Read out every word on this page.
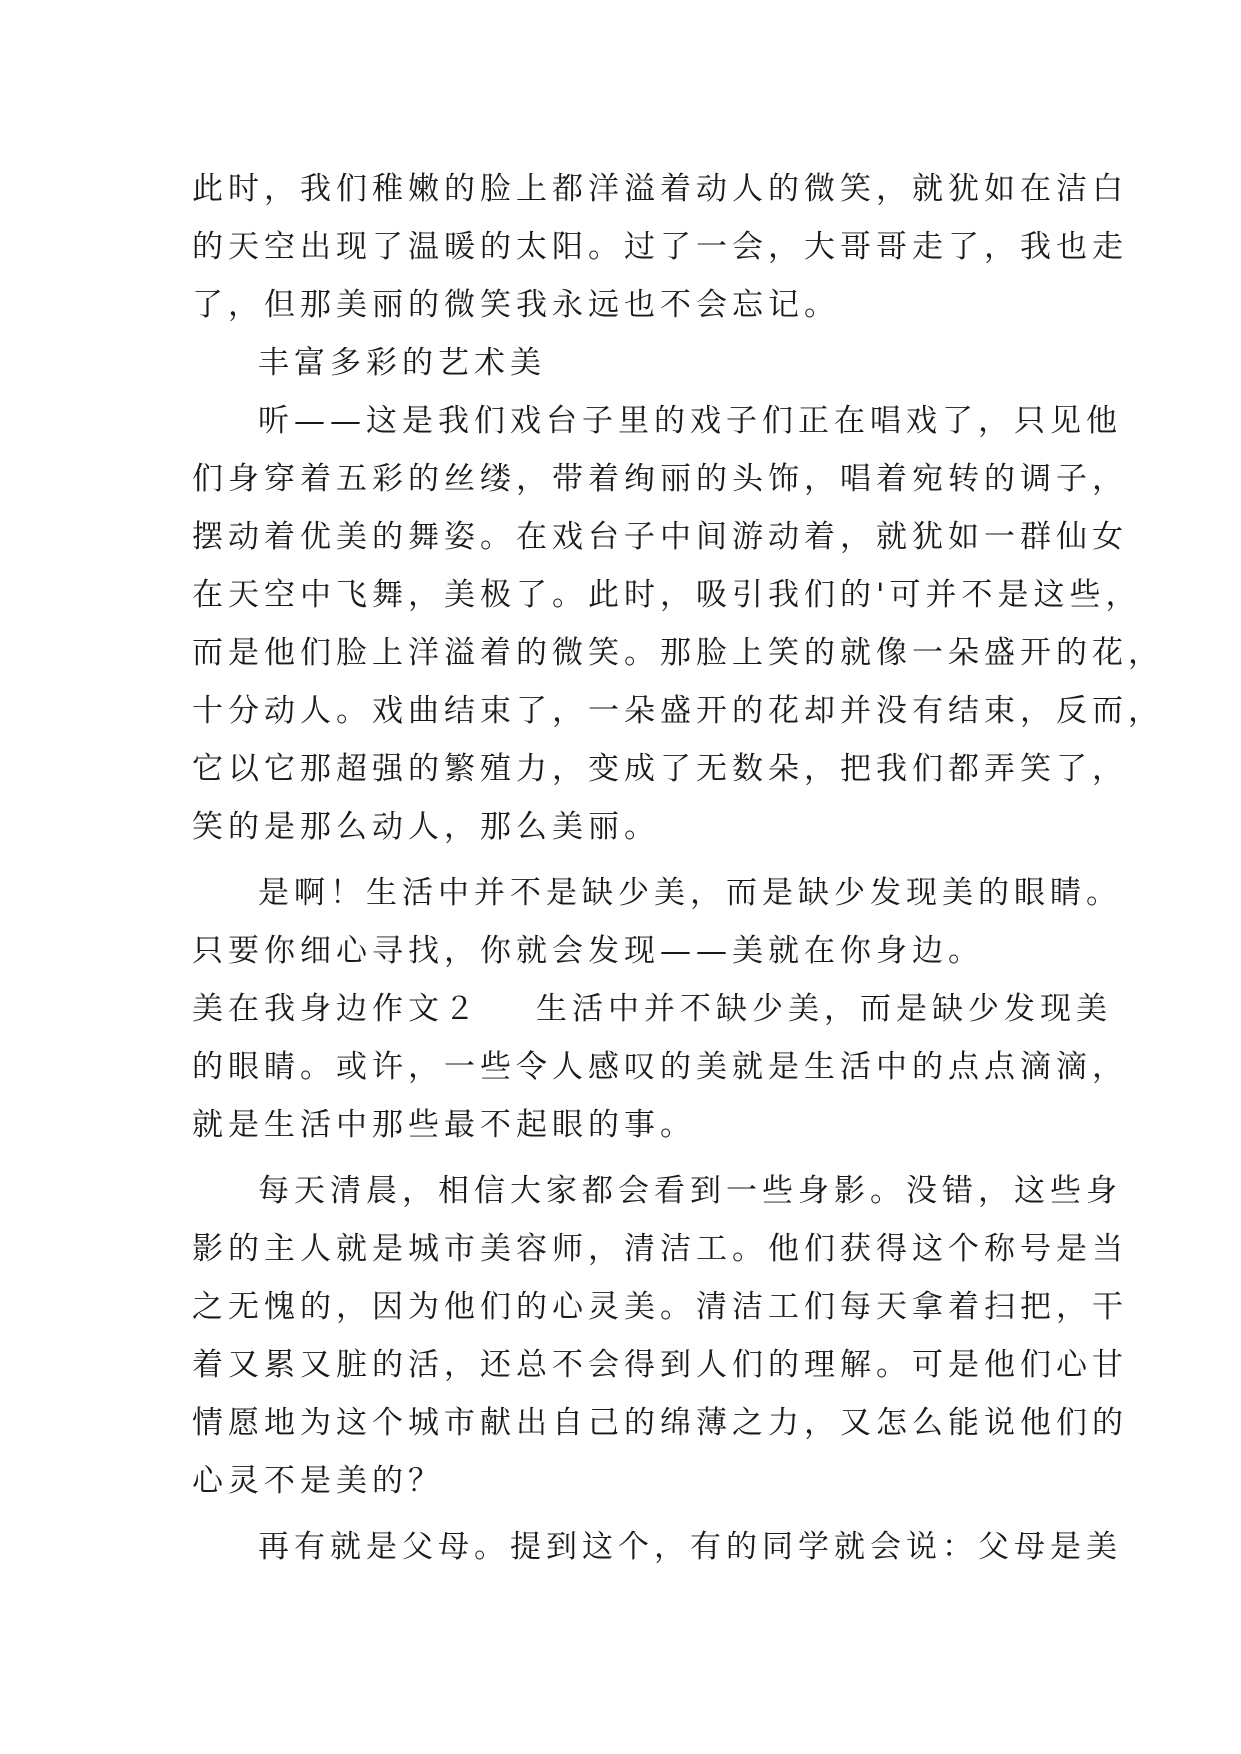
此时，我们稚嫩的脸上都洋溢着动人的微笑，就犹如在洁白
的天空出现了温暖的太阳。过了一会，大哥哥走了，我也走
了，但那美丽的微笑我永远也不会忘记。
丰富多彩的艺术美
听——这是我们戏台子里的戏子们正在唱戏了，只见他
们身穿着五彩的丝缕，带着绚丽的头饰，唱着宛转的调子，
摆动着优美的舞姿。在戏台子中间游动着，就犹如一群仙女
在天空中飞舞，美极了。此时，吸引我们的'可并不是这些，
而是他们脸上洋溢着的微笑。那脸上笑的就像一朵盛开的花，
十分动人。戏曲结束了，一朵盛开的花却并没有结束，反而，
它以它那超强的繁殖力，变成了无数朵，把我们都弄笑了，
笑的是那么动人，那么美丽。
是啊！生活中并不是缺少美，而是缺少发现美的眼睛。
只要你细心寻找，你就会发现——美就在你身边。
美在我身边作文２ 生活中并不缺少美，而是缺少发现美
的眼睛。或许，一些令人感叹的美就是生活中的点点滴滴，
就是生活中那些最不起眼的事。
每天清晨，相信大家都会看到一些身影。没错，这些身
影的主人就是城市美容师，清洁工。他们获得这个称号是当
之无愧的，因为他们的心灵美。清洁工们每天拿着扫把，干
着又累又脏的活，还总不会得到人们的理解。可是他们心甘
情愿地为这个城市献出自己的绵薄之力，又怎么能说他们的
心灵不是美的？
再有就是父母。提到这个，有的同学就会说：父母是美
